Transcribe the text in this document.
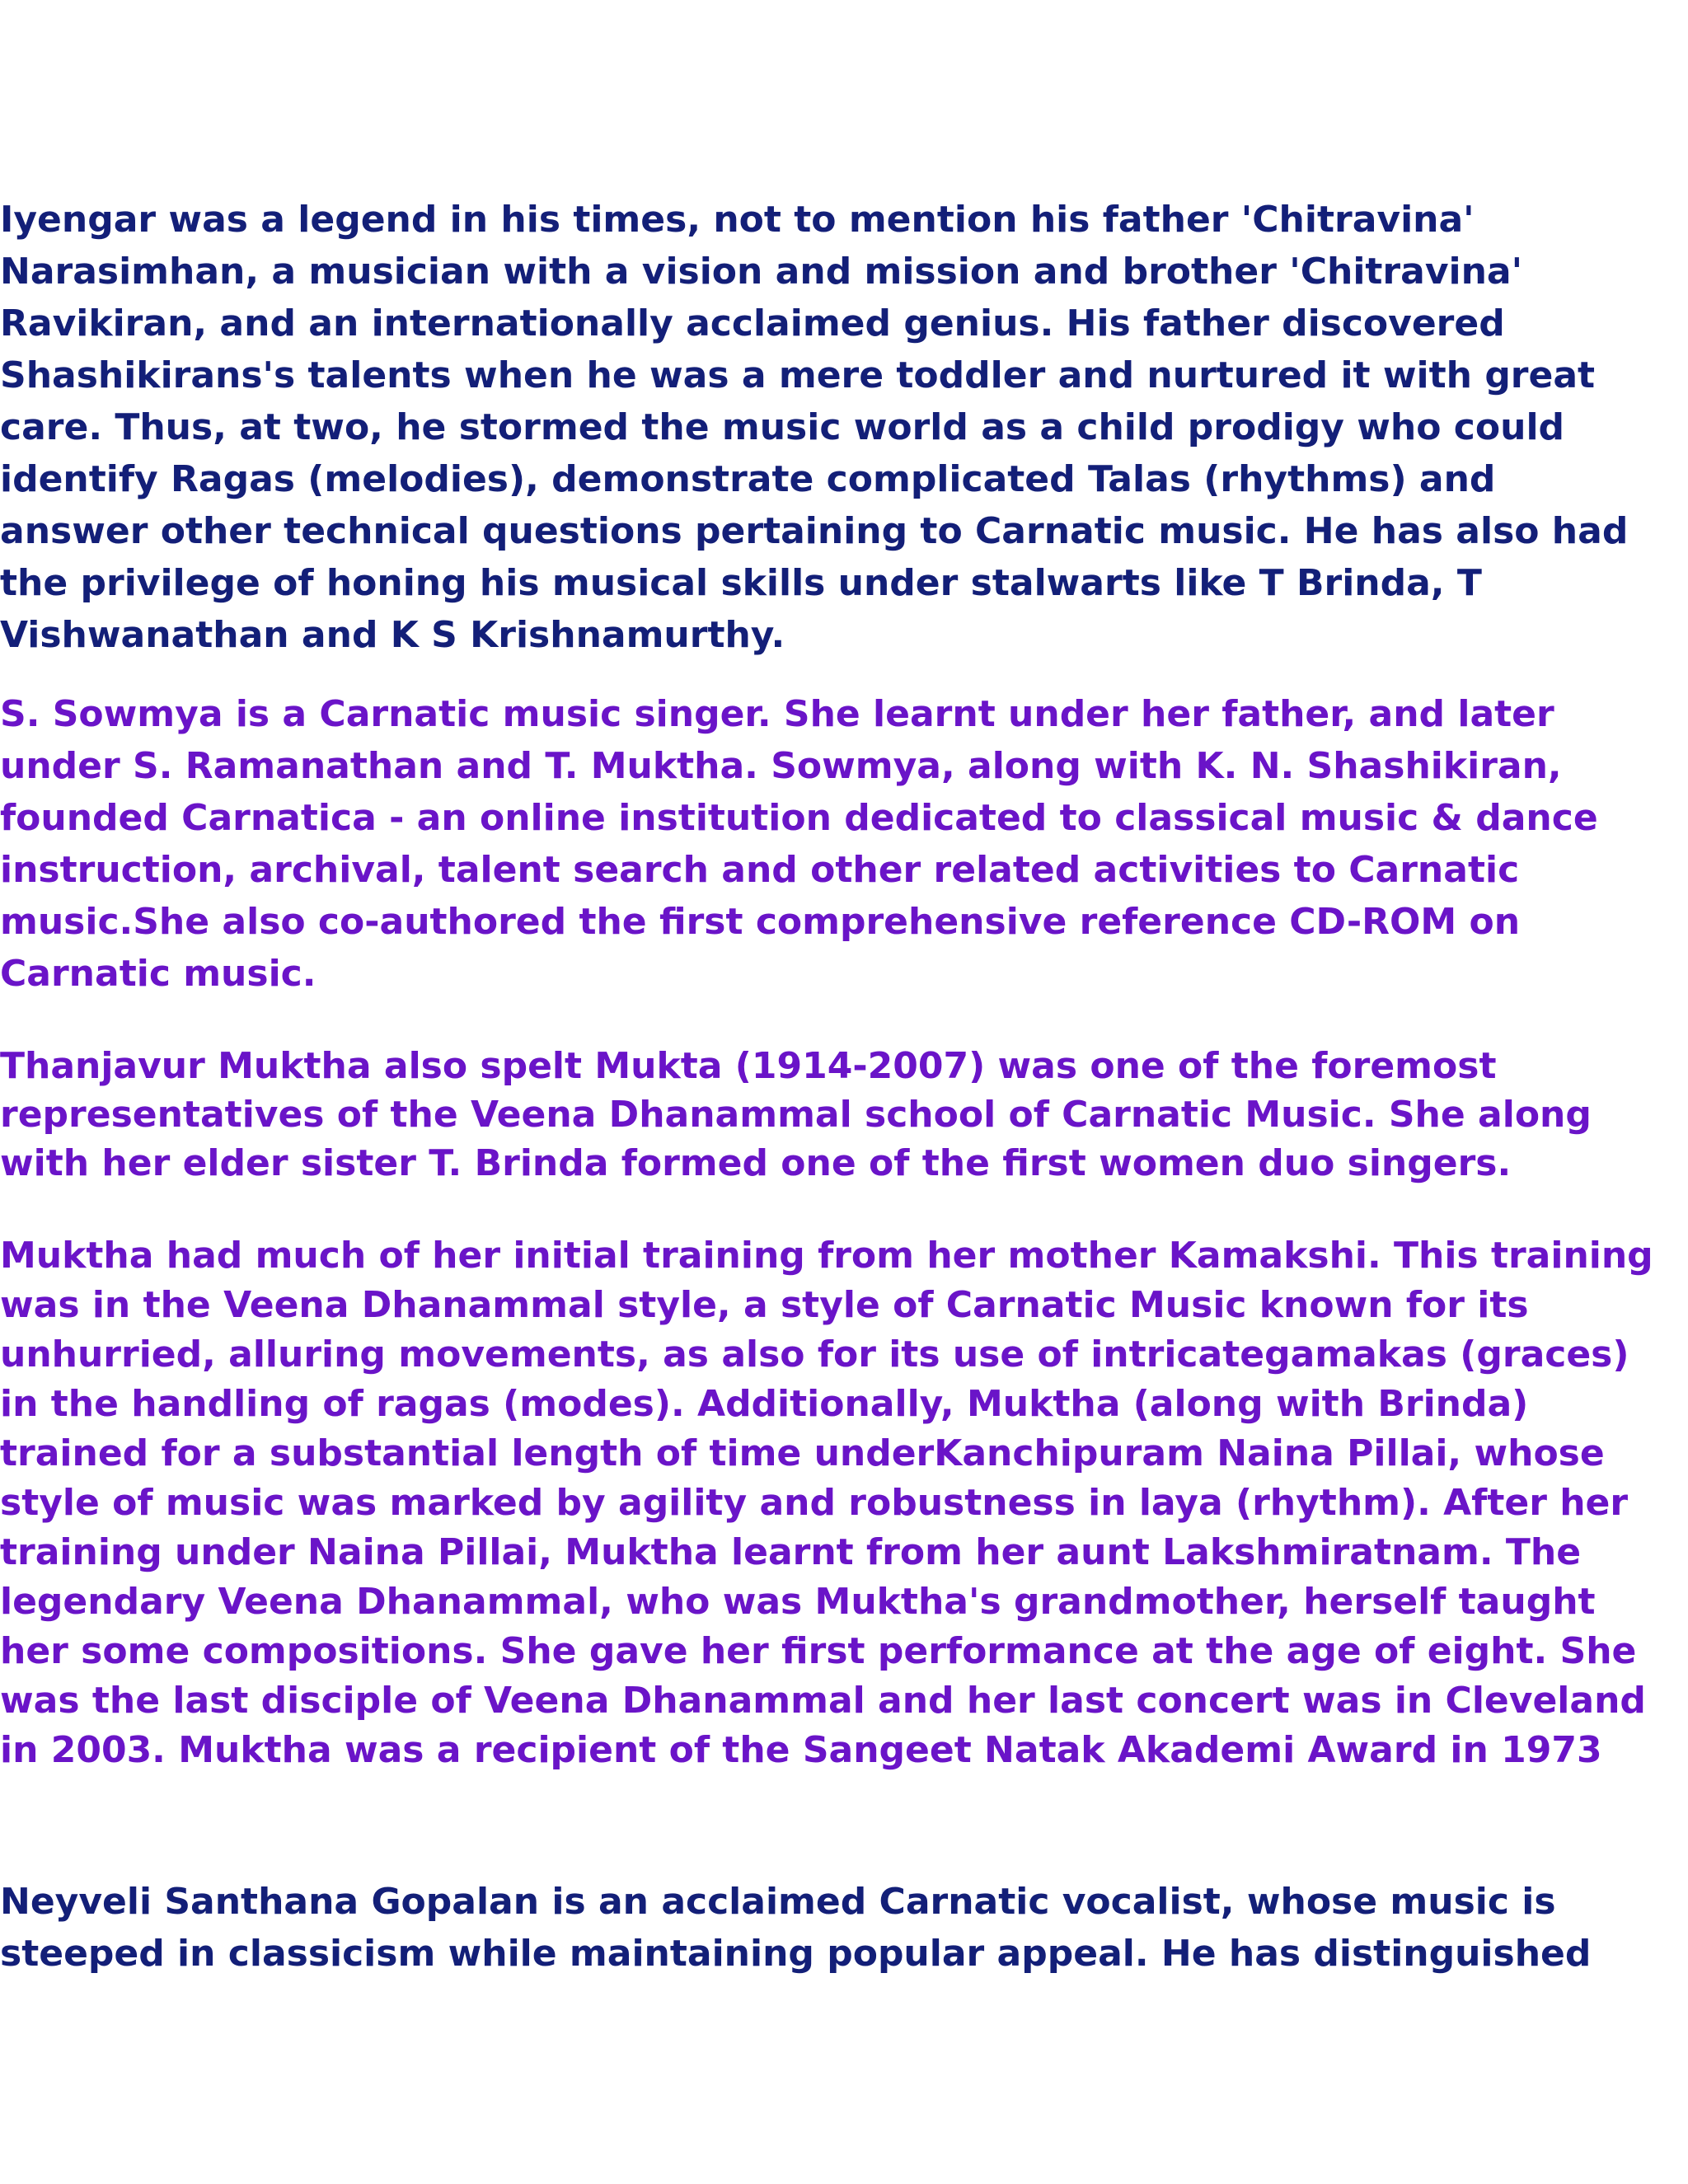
Iyengar was a legend in his times, not to mention his father 'Chitravina'
Narasimhan, a musician with a vision and mission and brother 'Chitravina'
Ravikiran, and an internationally acclaimed genius. His father discovered
Shashikirans's talents when he was a mere toddler and nurtured it with great
care. Thus, at two, he stormed the music world as a child prodigy who could
identify Ragas (melodies), demonstrate complicated Talas (rhythms) and
answer other technical questions pertaining to Carnatic music. He has also had
the privilege of honing his musical skills under stalwarts like T Brinda, T
Vishwanathan and K S Krishnamurthy.

S. Sowmya is a Carnatic music singer. She learnt under her father, and later
under S. Ramanathan and T. Muktha. Sowmya, along with K. N. Shashikiran,
founded Carnatica - an online institution dedicated to classical music & dance
instruction, archival, talent search and other related activities to Carnatic
music.She also co-authored the first comprehensive reference CD-ROM on
Carnatic music.

Thanjavur Muktha also spelt Mukta (1914-2007) was one of the foremost
representatives of the Veena Dhanammal school of Carnatic Music. She along
with her elder sister T. Brinda formed one of the first women duo singers.

Muktha had much of her initial training from her mother Kamakshi. This training
was in the Veena Dhanammal style, a style of Carnatic Music known for its
unhurried, alluring movements, as also for its use of intricategamakas (graces)
in the handling of ragas (modes). Additionally, Muktha (along with Brinda)
trained for a substantial length of time underKanchipuram Naina Pillai, whose
style of music was marked by agility and robustness in laya (rhythm). After her
training under Naina Pillai, Muktha learnt from her aunt Lakshmiratnam. The
legendary Veena Dhanammal, who was Muktha's grandmother, herself taught
her some compositions. She gave her first performance at the age of eight. She
was the last disciple of Veena Dhanammal and her last concert was in Cleveland
in 2003. Muktha was a recipient of the Sangeet Natak Akademi Award in 1973

Neyveli Santhana Gopalan is an acclaimed Carnatic vocalist, whose music is
steeped in classicism while maintaining popular appeal. He has distinguished
